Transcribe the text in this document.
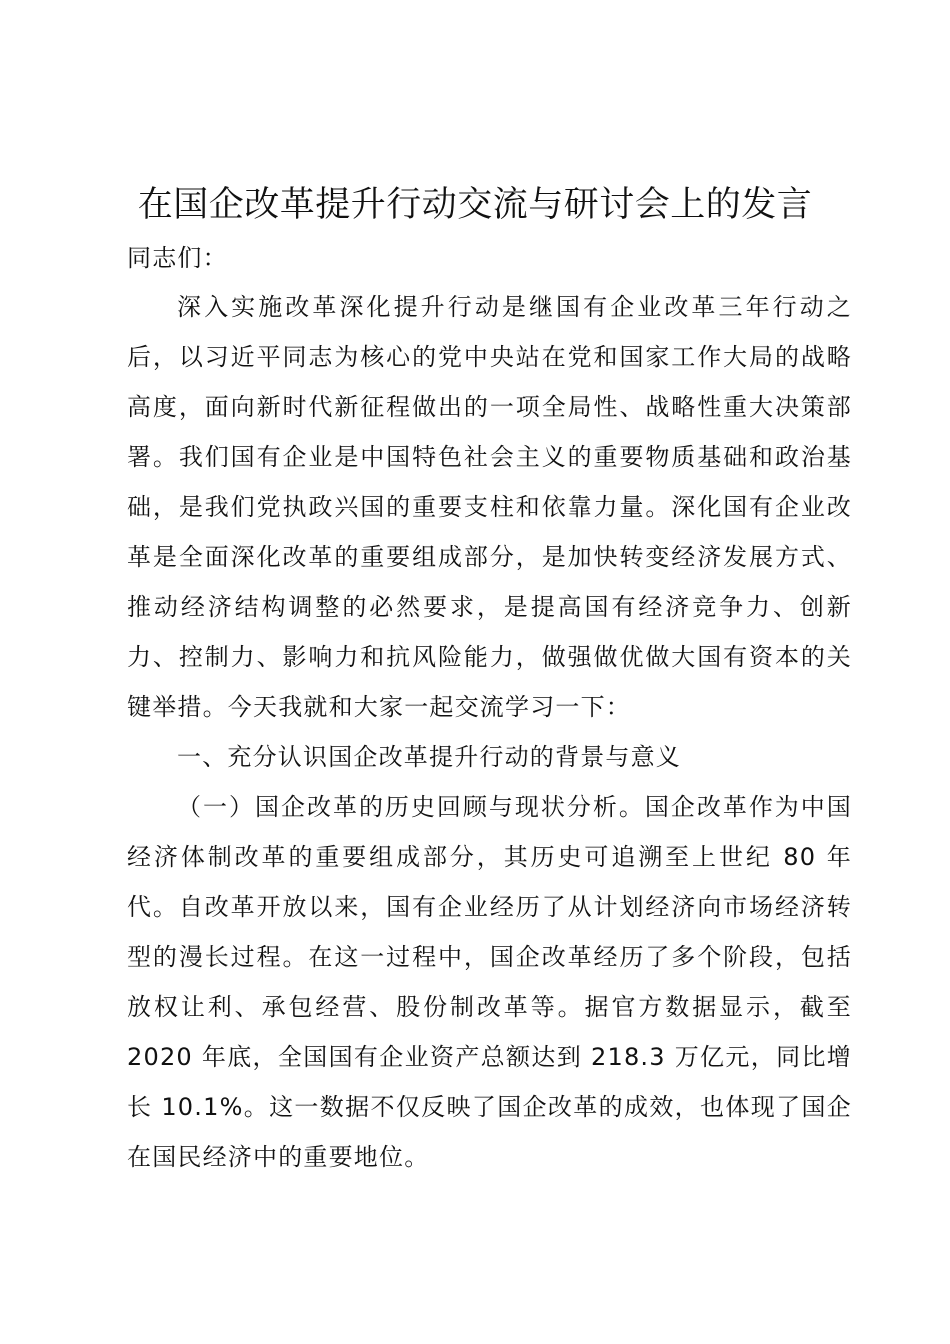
在国企改革提升行动交流与研讨会上的发言

同志们：

深入实施改革深化提升行动是继国有企业改革三年行动之后，以习近平同志为核心的党中央站在党和国家工作大局的战略高度，面向新时代新征程做出的一项全局性、战略性重大决策部署。我们国有企业是中国特色社会主义的重要物质基础和政治基础，是我们党执政兴国的重要支柱和依靠力量。深化国有企业改革是全面深化改革的重要组成部分，是加快转变经济发展方式、推动经济结构调整的必然要求，是提高国有经济竞争力、创新力、控制力、影响力和抗风险能力，做强做优做大国有资本的关键举措。今天我就和大家一起交流学习一下：

一、充分认识国企改革提升行动的背景与意义

（一）国企改革的历史回顾与现状分析。国企改革作为中国经济体制改革的重要组成部分，其历史可追溯至上世纪 80 年代。自改革开放以来，国有企业经历了从计划经济向市场经济转型的漫长过程。在这一过程中，国企改革经历了多个阶段，包括放权让利、承包经营、股份制改革等。据官方数据显示，截至 2020 年底，全国国有企业资产总额达到 218.3 万亿元，同比增长 10.1%。这一数据不仅反映了国企改革的成效，也体现了国企在国民经济中的重要地位。
